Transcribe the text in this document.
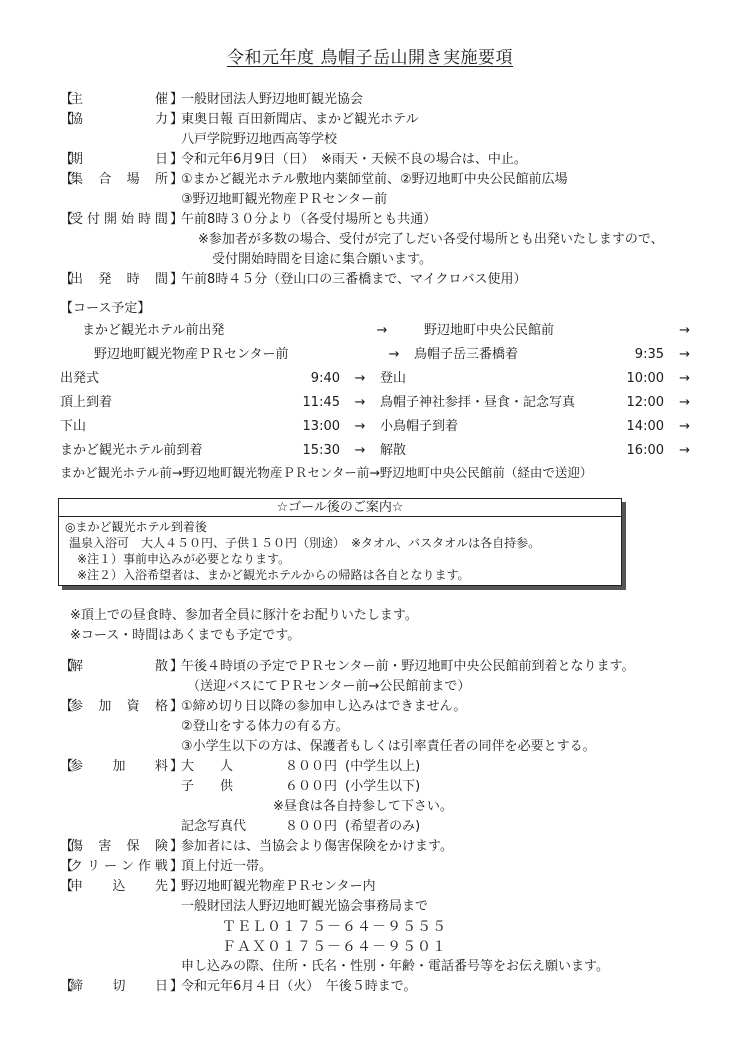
令和元年度 鳥帽子岳山開き実施要項
【
主	催 】
一般財団法人野辺地町観光協会
【
協	力 】
東奥日報 百田新聞店、まかど観光ホテル
八戸学院野辺地西高等学校
【
期	日 】
令和元年6月9日（日）　※雨天・天候不良の場合は、中止。
【
集 合 場 所 】
①まかど観光ホテル敷地内薬師堂前、②野辺地町中央公民館前広場
③野辺地町観光物産ＰＲセンター前
【
受 付 開 始 時 間 】
午前8時３０分より（各受付場所とも共通）
※参加者が多数の場合、受付が完了しだい各受付場所とも出発いたしますので、
受付開始時間を目途に集合願います。
【
出 発 時 間 】
午前8時４５分（登山口の三番橋まで、マイクロバス使用）
【コース予定】
まかど観光ホテル前出発	→	野辺地町中央公民館前	→
野辺地町観光物産ＰＲセンター前	→	鳥帽子岳三番橋着	9:35	→
出発式	9:40	→	登山	10:00	→
頂上到着	11:45	→	鳥帽子神社参拝・昼食・記念写真	12:00	→
下山	13:00	→	小鳥帽子到着	14:00	→
まかど観光ホテル前到着	15:30	→	解散	16:00	→
まかど観光ホテル前→野辺地町観光物産ＰＲセンター前→野辺地町中央公民館前（経由で送迎）
☆ゴール後のご案内☆
◎まかど観光ホテル到着後
温泉入浴可　大人４５０円、子供１５０円（別途）　※タオル、バスタオルは各自持参。
※注１）事前申込みが必要となります。
※注２）入浴希望者は、まかど観光ホテルからの帰路は各自となります。
※頂上での昼食時、参加者全員に豚汁をお配りいたします。
※コース・時間はあくまでも予定です。
【
解	散 】
午後４時頃の予定でＰＲセンター前・野辺地町中央公民館前到着となります。
（送迎バスにてＰＲセンター前→公民館前まで）
【
参 加 資 格 】
①締め切り日以降の参加申し込みはできません。
②登山をする体力の有る方。
③小学生以下の方は、保護者もしくは引率責任者の同伴を必要とする。
【
参 加 料 】
大　　人	８００円 (中学生以上)
子　　供	６００円 (小学生以下)
※昼食は各自持参して下さい。
記念写真代	８００円 (希望者のみ)
【
傷 害 保 険 】
参加者には、当協会より傷害保険をかけます。
【
ク リ ー ン 作 戦 】
頂上付近一帯。
【
申 込 先 】
野辺地町観光物産ＰＲセンター内
一般財団法人野辺地町観光協会事務局まで
ＴＥＬ０１７５－６４－９５５５
ＦＡＸ０１７５－６４－９５０１
申し込みの際、住所・氏名・性別・年齢・電話番号等をお伝え願います。
【
締 切 日 】
令和元年6月４日（火）　午後５時まで。
